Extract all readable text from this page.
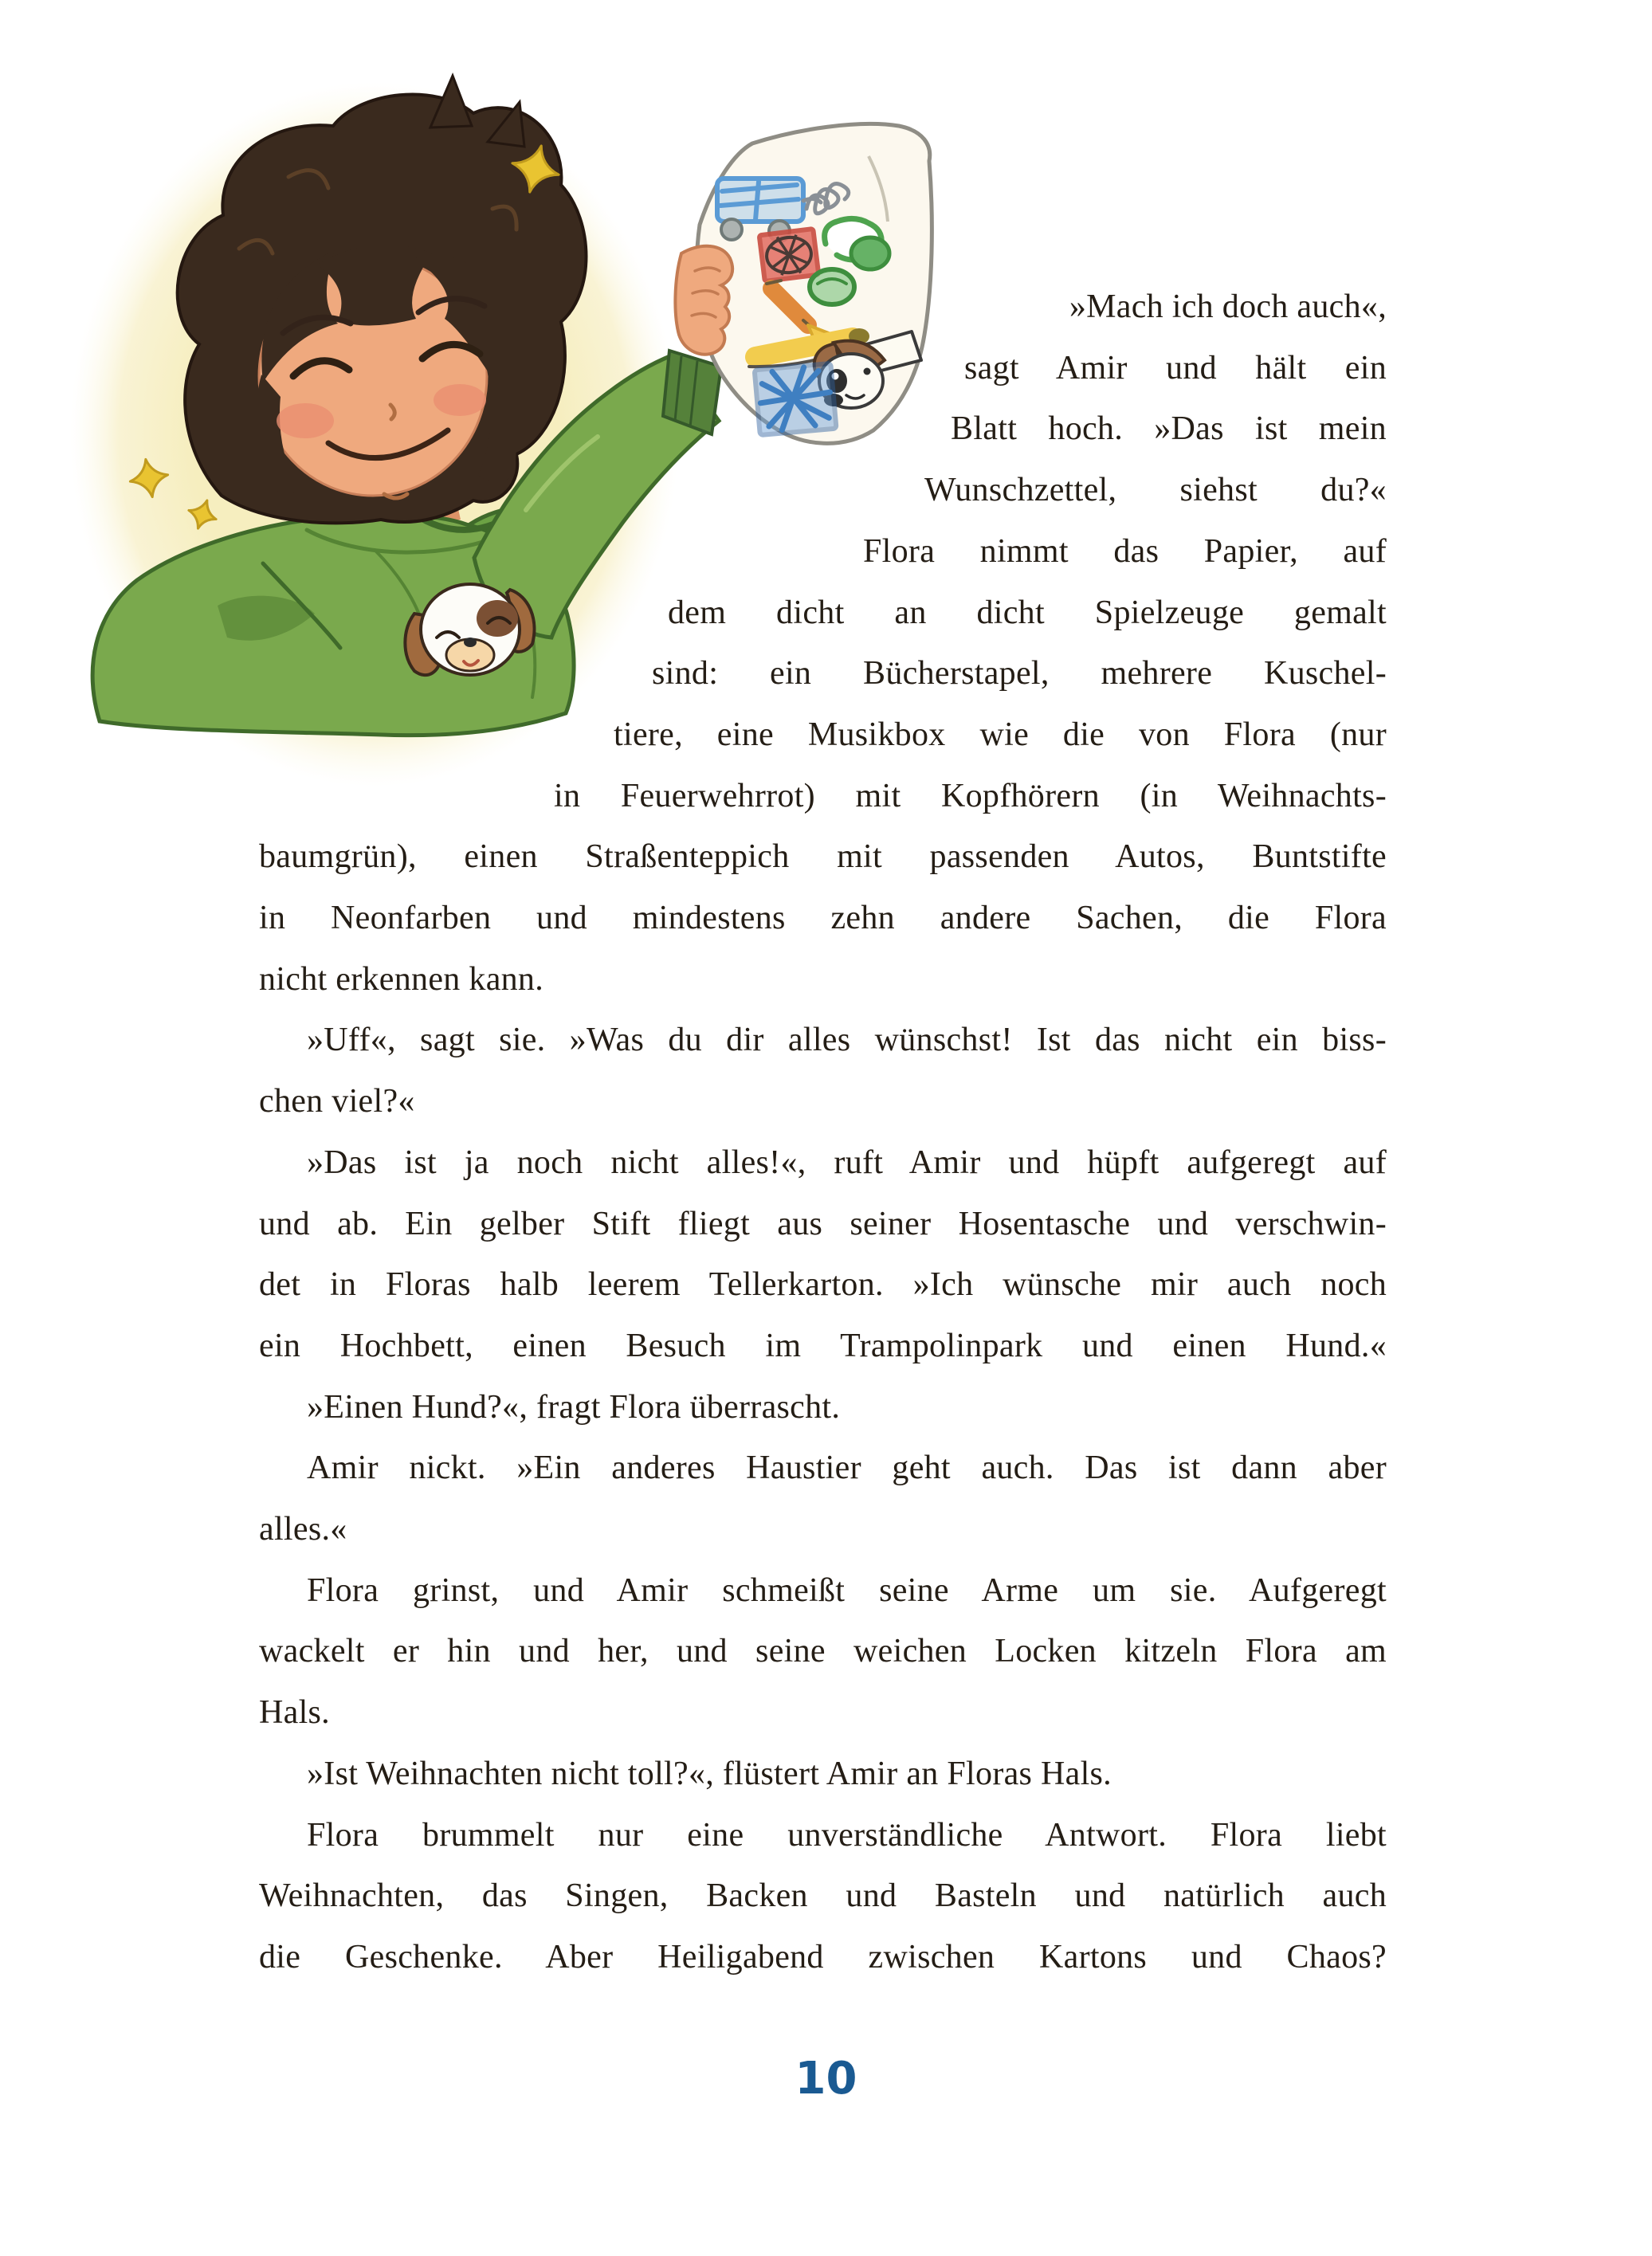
»Mach ich doch auch«,
sagt Amir und hält ein
Blatt hoch. »Das ist mein
Wunschzettel, siehst du?«
Flora nimmt das Papier, auf
dem dicht an dicht Spielzeuge gemalt
sind: ein Bücherstapel, mehrere Kuschel-
tiere, eine Musikbox wie die von Flora (nur
in Feuerwehrrot) mit Kopfhörern (in Weihnachts-
baumgrün), einen Straßenteppich mit passenden Autos, Buntstifte
in Neonfarben und mindestens zehn andere Sachen, die Flora
nicht erkennen kann.
»Uff«, sagt sie. »Was du dir alles wünschst! Ist das nicht ein biss-
chen viel?«
»Das ist ja noch nicht alles!«, ruft Amir und hüpft aufgeregt auf
und ab. Ein gelber Stift fliegt aus seiner Hosentasche und verschwin-
det in Floras halb leerem Tellerkarton. »Ich wünsche mir auch noch
ein Hochbett, einen Besuch im Trampolinpark und einen Hund.«
»Einen Hund?«, fragt Flora überrascht.
Amir nickt. »Ein anderes Haustier geht auch. Das ist dann aber
alles.«
Flora grinst, und Amir schmeißt seine Arme um sie. Aufgeregt
wackelt er hin und her, und seine weichen Locken kitzeln Flora am
Hals.
»Ist Weihnachten nicht toll?«, flüstert Amir an Floras Hals.
Flora brummelt nur eine unverständliche Antwort. Flora liebt
Weihnachten, das Singen, Backen und Basteln und natürlich auch
die Geschenke. Aber Heiligabend zwischen Kartons und Chaos?
10
